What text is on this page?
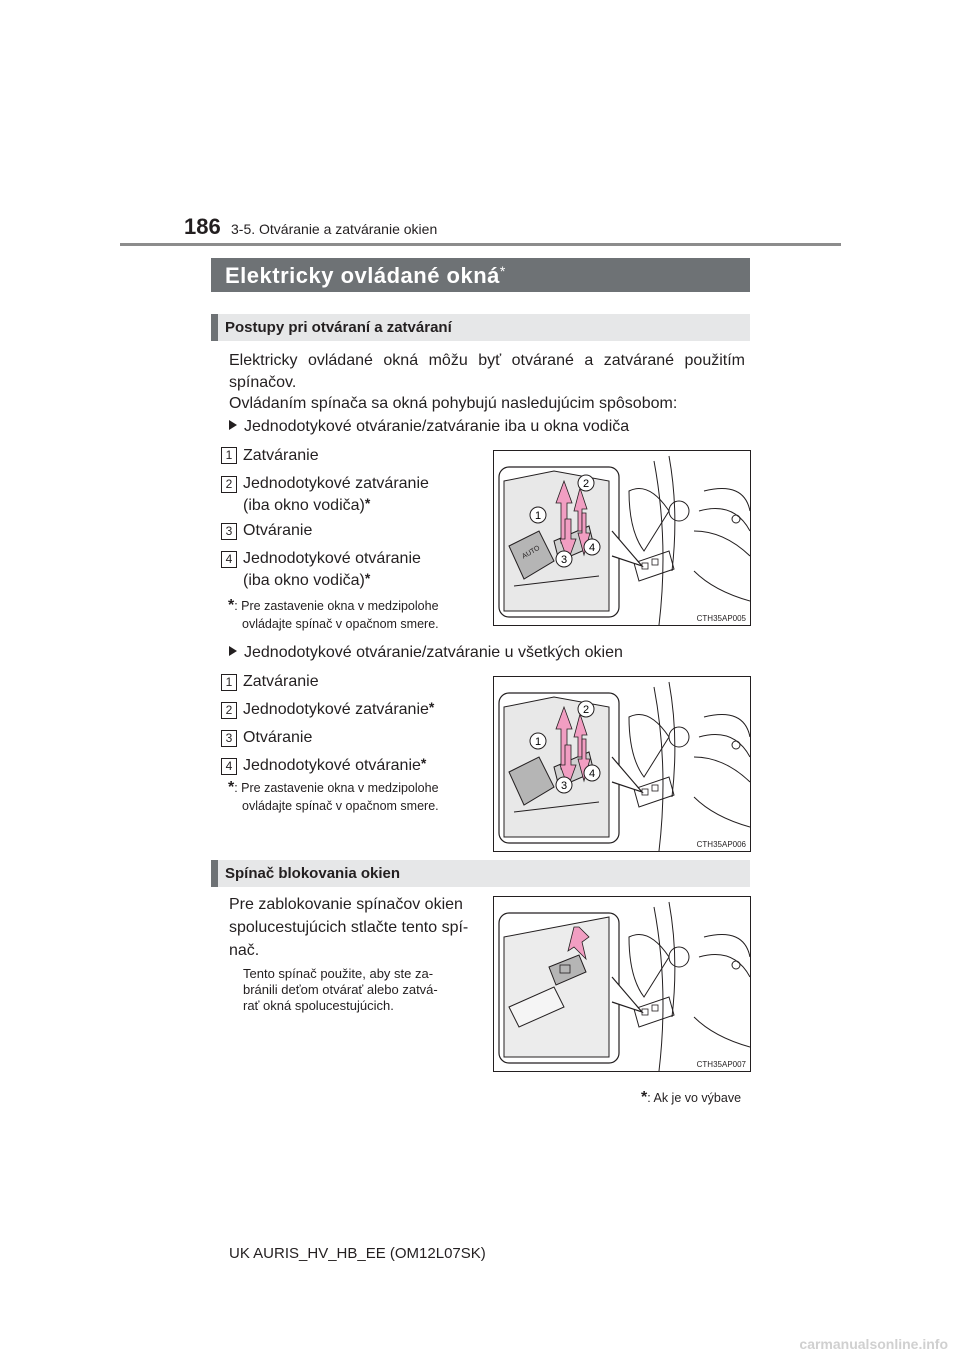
186 3-5. Otváranie a zatváranie okien
Elektricky ovládané okná*
Postupy pri otváraní a zatváraní
Elektricky ovládané okná môžu byť otvárané a zatvárané použitím spínačov.
Ovládaním spínača sa okná pohybujú nasledujúcim spôsobom:
Jednodotykové otváranie/zatváranie iba u okna vodiča
1 Zatváranie
2 Jednodotykové zatváranie
(iba okno vodiča)*
3 Otváranie
4 Jednodotykové otváranie
(iba okno vodiča)*
*: Pre zastavenie okna v medzipolohe
ovládajte spínač v opačnom smere.
AUTO
1
2
3
4
CTH35AP005
Jednodotykové otváranie/zatváranie u všetkých okien
1 Zatváranie
2 Jednodotykové zatváranie*
3 Otváranie
4 Jednodotykové otváranie*
*: Pre zastavenie okna v medzipolohe
ovládajte spínač v opačnom smere.
1
2
3
4
CTH35AP006
Spínač blokovania okien
Pre zablokovanie spínačov okien
spolucestujúcich stlačte tento spí-
nač.
Tento spínač použite, aby ste za-
bránili deťom otvárať alebo zatvá-
rať okná spolucestujúcich.
CTH35AP007
*: Ak je vo výbave
UK AURIS_HV_HB_EE (OM12L07SK)
carmanualsonline.info
